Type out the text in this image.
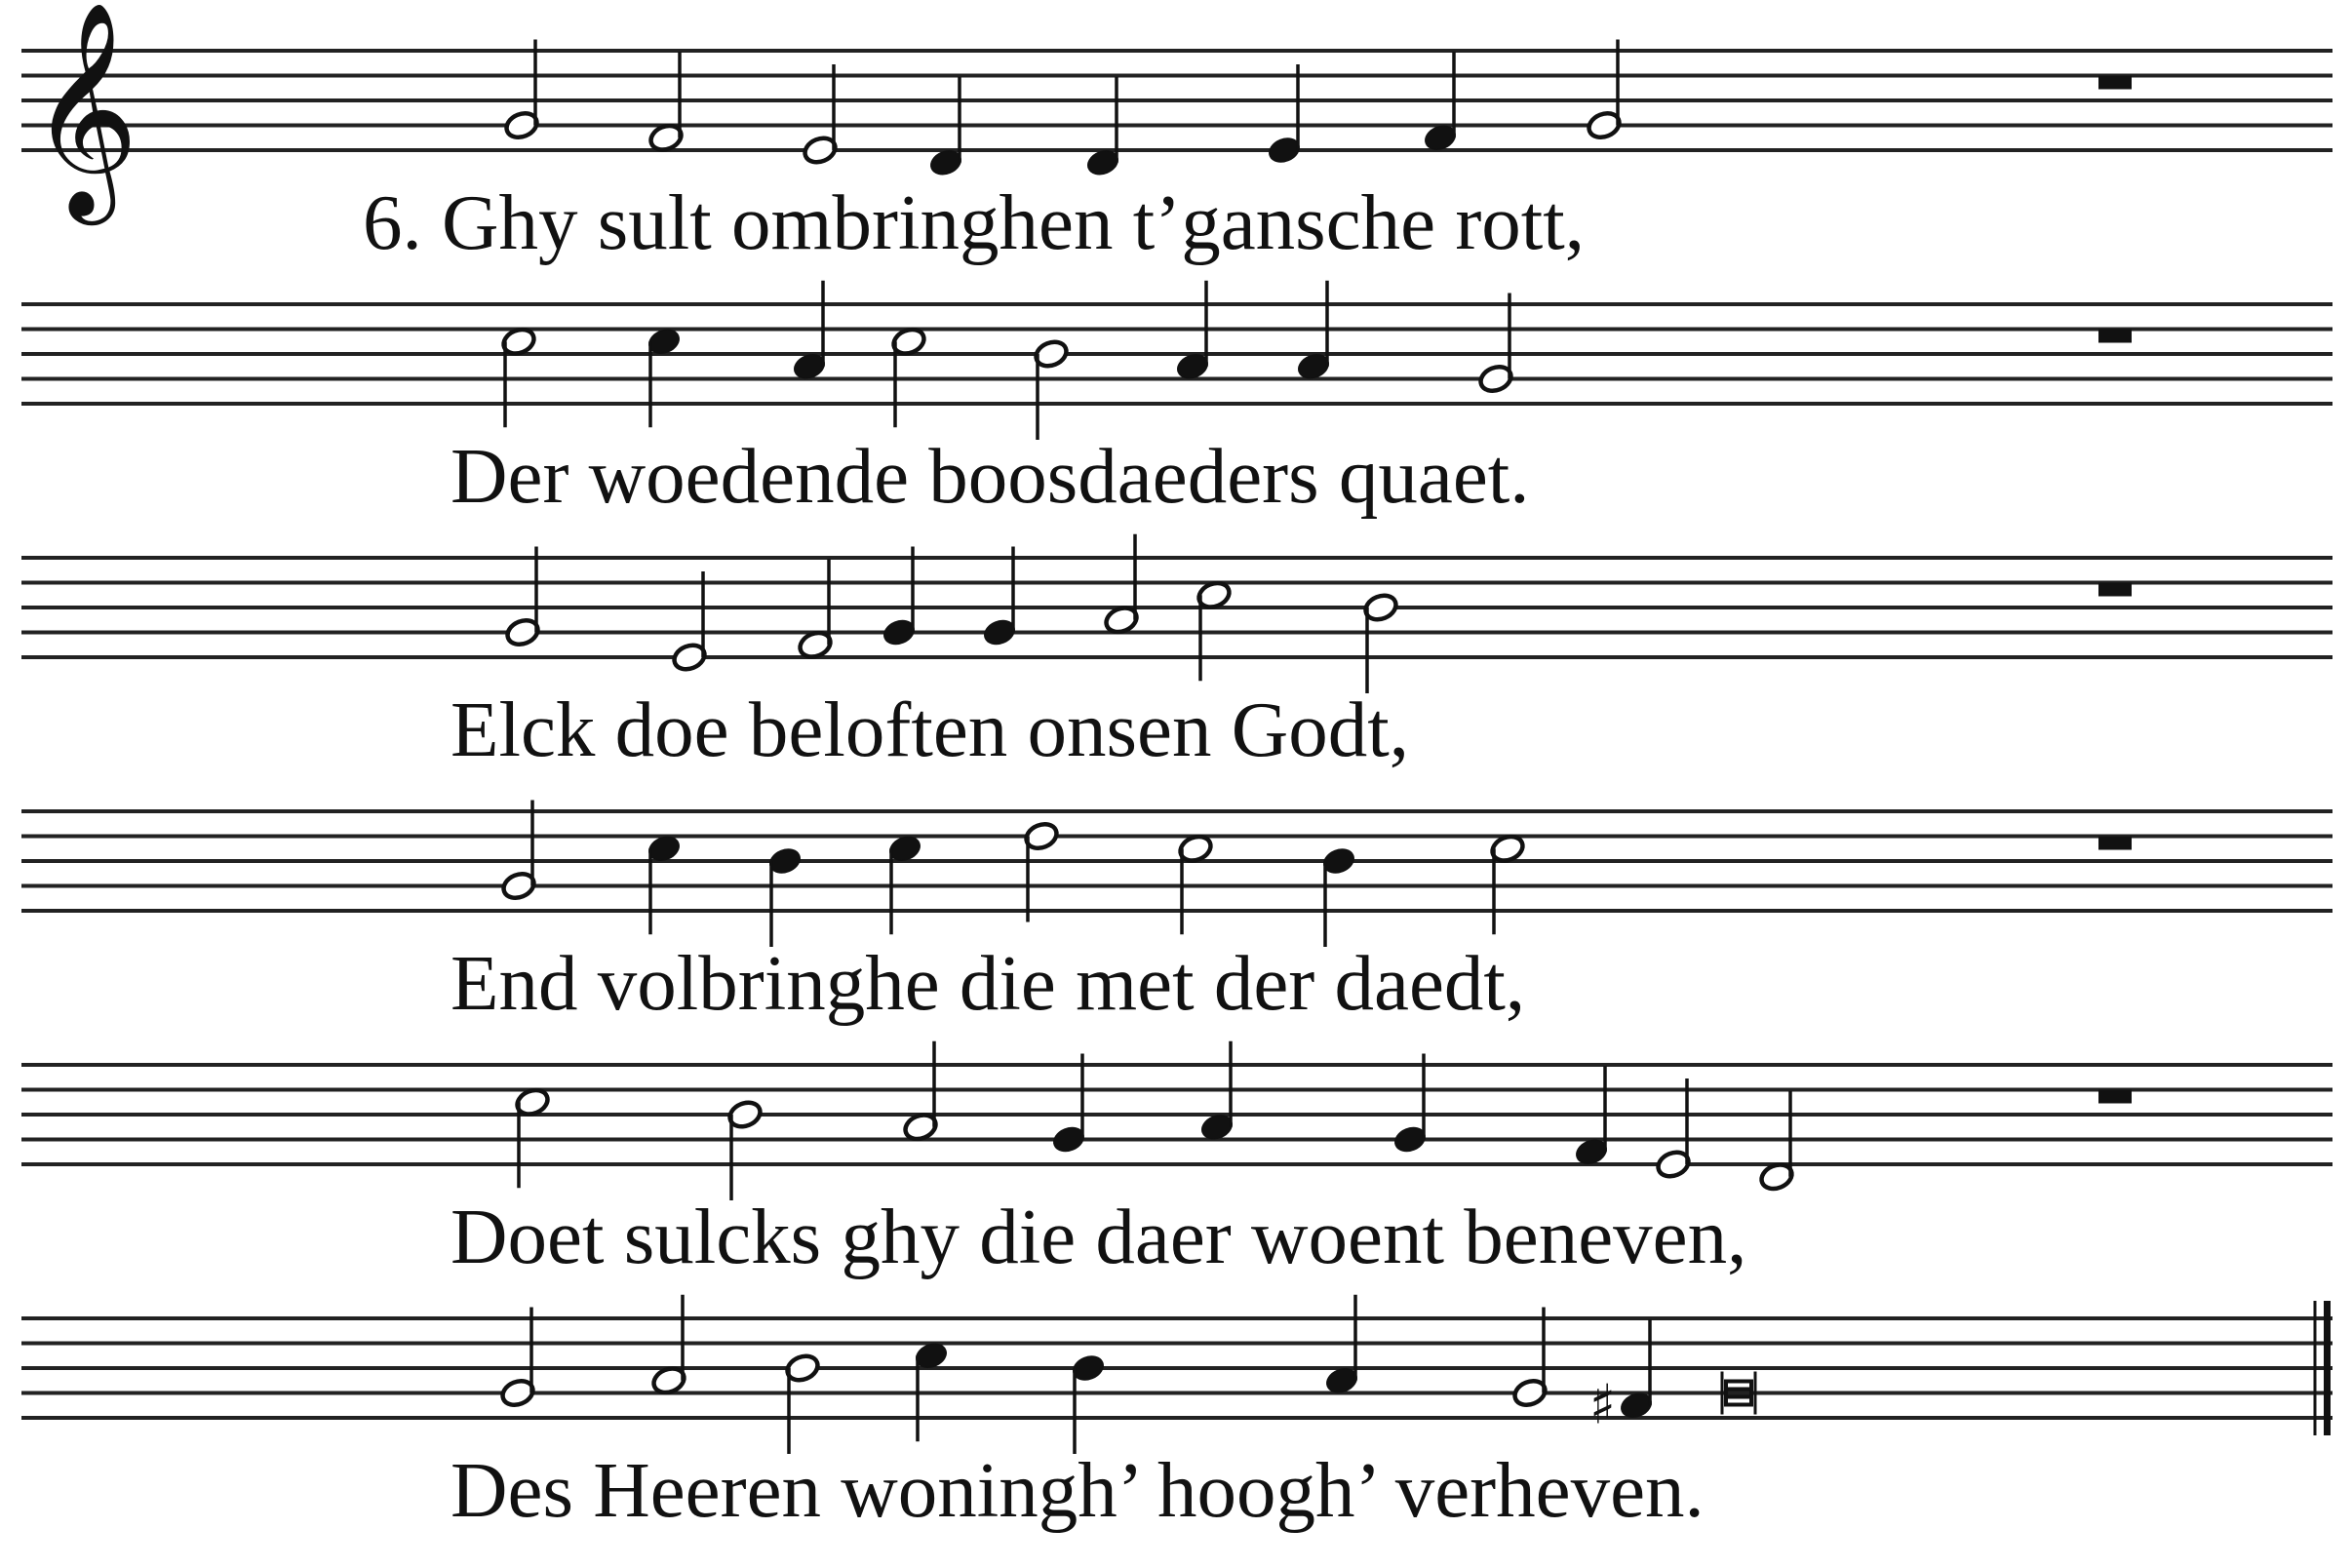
𝄞
6. Ghy sult ombringhen t’gansche rott,
Der woedende boosdaeders quaet.
Elck doe beloften onsen Godt,
End volbringhe die met der daedt,
Doet sulcks ghy die daer woent beneven,
♯
Des Heeren woningh’ hoogh’ verheven.
